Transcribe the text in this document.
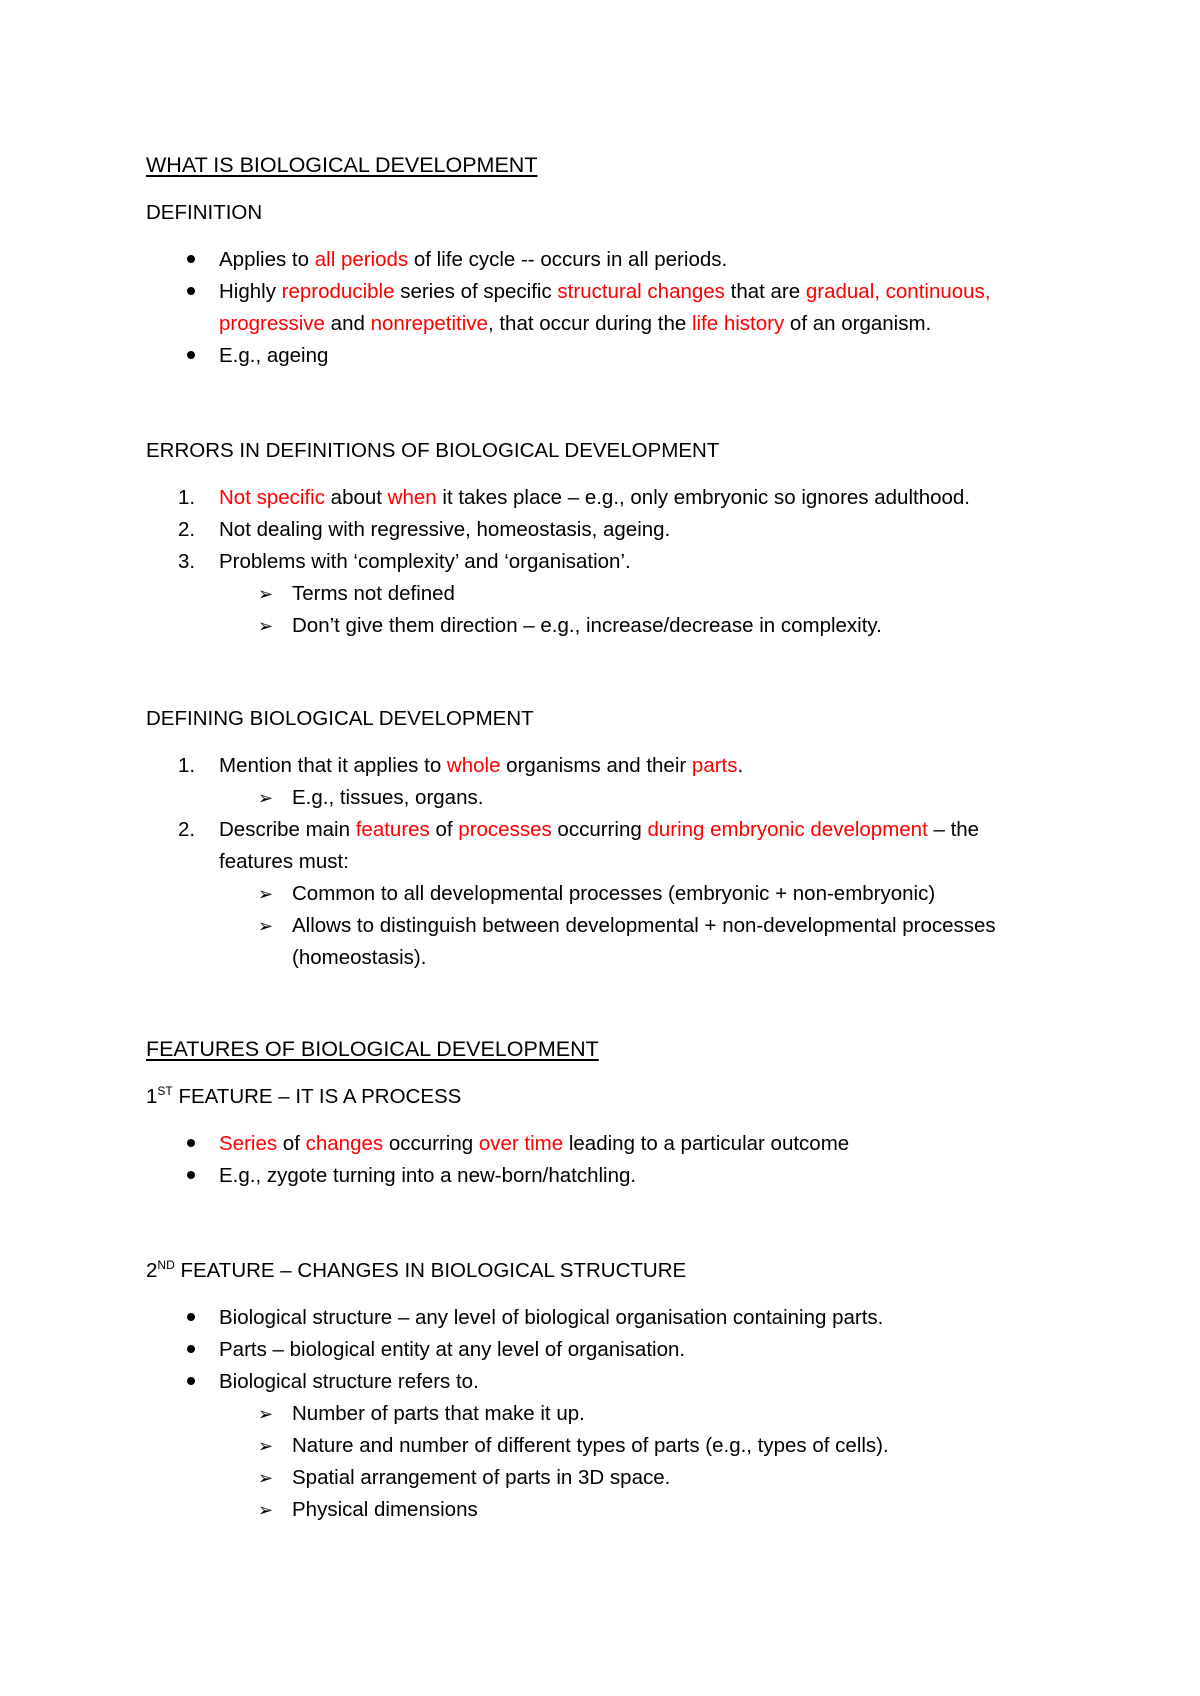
WHAT IS BIOLOGICAL DEVELOPMENT

DEFINITION

Applies to all periods of life cycle -- occurs in all periods.
Highly reproducible series of specific structural changes that are gradual, continuous,
progressive and nonrepetitive, that occur during the life history of an organism.
E.g., ageing

ERRORS IN DEFINITIONS OF BIOLOGICAL DEVELOPMENT

1.	Not specific about when it takes place – e.g., only embryonic so ignores adulthood.
2.	Not dealing with regressive, homeostasis, ageing.
3.	Problems with ‘complexity’ and ‘organisation’.
➢ Terms not defined
➢ Don’t give them direction – e.g., increase/decrease in complexity.

DEFINING BIOLOGICAL DEVELOPMENT

1.	Mention that it applies to whole organisms and their parts.
➢ E.g., tissues, organs.
2.	Describe main features of processes occurring during embryonic development – the
features must:
➢ Common to all developmental processes (embryonic + non-embryonic)
➢ Allows to distinguish between developmental + non-developmental processes
(homeostasis).

FEATURES OF BIOLOGICAL DEVELOPMENT

1ST FEATURE – IT IS A PROCESS

Series of changes occurring over time leading to a particular outcome
E.g., zygote turning into a new-born/hatchling.

2ND FEATURE – CHANGES IN BIOLOGICAL STRUCTURE

Biological structure – any level of biological organisation containing parts.
Parts – biological entity at any level of organisation.
Biological structure refers to.
➢ Number of parts that make it up.
➢ Nature and number of different types of parts (e.g., types of cells).
➢ Spatial arrangement of parts in 3D space.
➢ Physical dimensions
